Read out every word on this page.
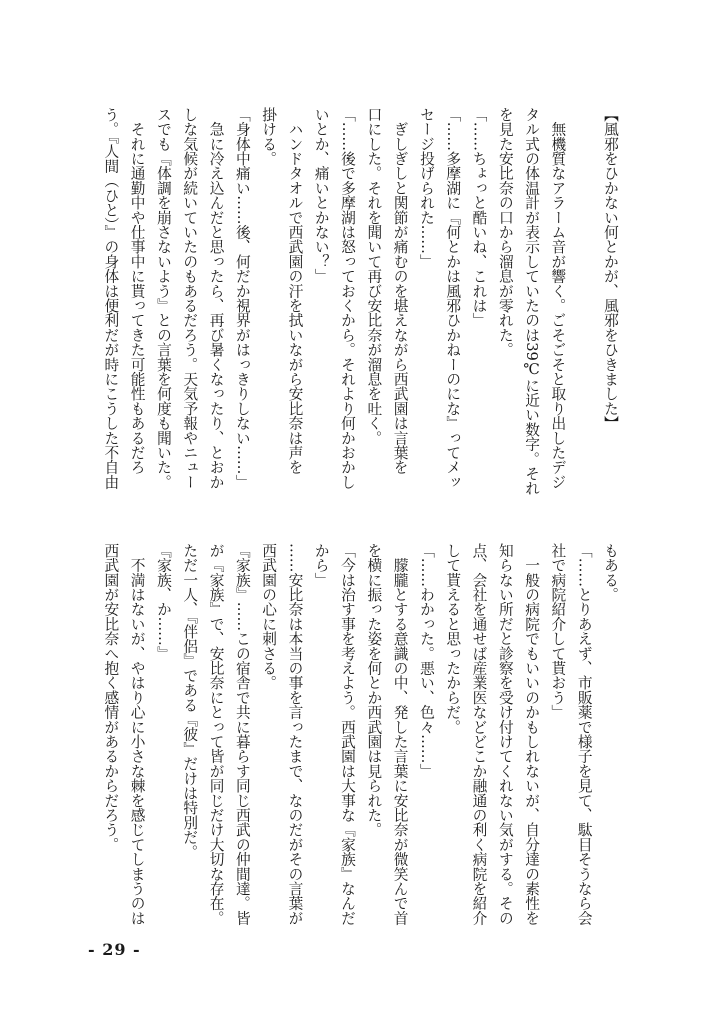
【風邪をひかない何とかが、風邪をひきました】
　無機質なアラーム音が響く。ごそごそと取り出したデジ
タル式の体温計が表示していたのは39℃に近い数字。それ
を見た安比奈の口から溜息が零れた。
「……ちょっと酷いね、これは」
「……多摩湖に『何とかは風邪ひかねーのにな』ってメッ
セージ投げられた……」
　ぎしぎしと関節が痛むのを堪えながら西武園は言葉を
口にした。それを聞いて再び安比奈が溜息を吐く。
「……後で多摩湖は怒っておくから。それより何かおかし
いとか、痛いとかない？」
　ハンドタオルで西武園の汗を拭いながら安比奈は声を
掛ける。
「身体中痛い……後、何だか視界がはっきりしない……」
　急に冷え込んだと思ったら、再び暑くなったり、とおか
しな気候が続いていたのもあるだろう。天気予報やニュー
スでも『体調を崩さないよう』との言葉を何度も聞いた。
　それに通勤中や仕事中に貰ってきた可能性もあるだろ
う。『人間（ひと）』の身体は便利だが時にこうした不自由
もある。
「……とりあえず、市販薬で様子を見て、駄目そうなら会
社で病院紹介して貰おう」
　一般の病院でもいいのかもしれないが、自分達の素性を
知らない所だと診察を受け付けてくれない気がする。その
点、会社を通せば産業医などどこか融通の利く病院を紹介
して貰えると思ったからだ。
「……わかった。悪い、色々……」
　朦朧とする意識の中、発した言葉に安比奈が微笑んで首
を横に振った姿を何とか西武園は見られた。
「今は治す事を考えよう。西武園は大事な『家族』なんだ
から」
……安比奈は本当の事を言ったまで、なのだがその言葉が
西武園の心に刺さる。
『家族』……この宿舎で共に暮らす同じ西武の仲間達。皆
が『家族』で、安比奈にとって皆が同じだけ大切な存在。
ただ一人、『伴侶』である『彼』だけは特別だ。
『家族、か……』
　不満はないが、やはり心に小さな棘を感じてしまうのは
西武園が安比奈へ抱く感情があるからだろう。
- 29 -
